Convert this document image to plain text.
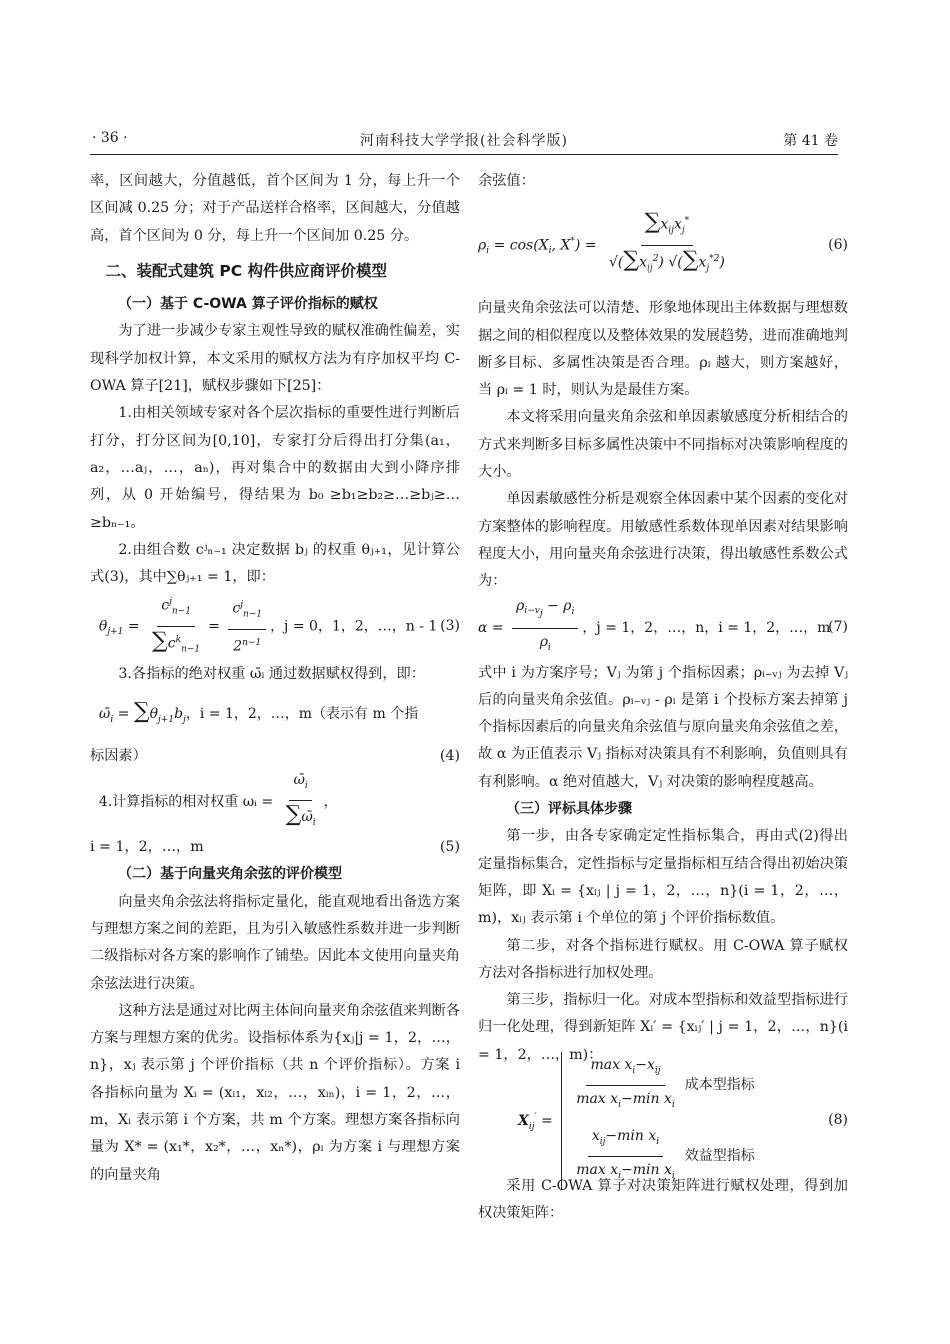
· 36 ·	河南科技大学学报(社会科学版)	第 41 卷

率，区间越大，分值越低，首个区间为 1 分，每上升一个区间减 0.25 分；对于产品送样合格率，区间越大，分值越高，首个区间为 0 分，每上升一个区间加 0.25 分。

二、装配式建筑 PC 构件供应商评价模型
（一）基于 C-OWA 算子评价指标的赋权

为了进一步减少专家主观性导致的赋权准确性偏差，实现科学加权计算，本文采用的赋权方法为有序加权平均 C-OWA 算子[21]，赋权步骤如下[25]：

1.由相关领域专家对各个层次指标的重要性进行判断后打分，打分区间为[0,10]，专家打分后得出打分集(a₁，a₂，…aⱼ，…，aₙ)，再对集合中的数据由大到小降序排列，从 0 开始编号，得结果为 b₀ ≥b₁≥b₂≥…≥bⱼ≥…≥bₙ₋₁。

2.由组合数 cʲₙ₋₁ 决定数据 bⱼ 的权重 θⱼ₊₁，见计算公式(3)，其中∑θⱼ₊₁ = 1，即：

$\theta_{j+1} = \frac{c^j_{n-1}}{\sum c^k_{n-1}} = \frac{c^j_{n-1}}{2^{n-1}}$ ，j = 0，1，2，…，n - 1 (3)

3.各指标的绝对权重 ω̄ᵢ 通过数据赋权得到，即：

$\omegā_i = \sum\theta_{j+1}b_j$，i = 1，2，…，m（表示有 m 个指
标因素）	(4)
4.计算指标的相对权重 ωᵢ = $\frac{\omegā_i}{\sum\omegā_i}$ ，
i = 1，2，…，m	(5)
（二）基于向量夹角余弦的评价模型

向量夹角余弦法将指标定量化，能直观地看出备选方案与理想方案之间的差距，且为引入敏感性系数并进一步判断二级指标对各方案的影响作了铺垫。因此本文使用向量夹角余弦法进行决策。

这种方法是通过对比两主体间向量夹角余弦值来判断各方案与理想方案的优劣。设指标体系为{xⱼ|j = 1，2，…，n}，xⱼ 表示第 j 个评价指标（共 n 个评价指标）。方案 i 各指标向量为 Xᵢ = (xᵢ₁，xᵢ₂，…，xᵢₙ)，i = 1，2，…，m，Xᵢ 表示第 i 个方案，共 m 个方案。理想方案各指标向量为 X* = (x₁*，x₂*，…，xₙ*)，ρᵢ 为方案 i 与理想方案的向量夹角

余弦值：

$\rho_i = \cos(X_i$, $X^*) = \frac{\sum x_{ij}x_j^*}{√(\sum x_{ij}^2) √(\sum x_j^{*2})}$	(6)

向量夹角余弦法可以清楚、形象地体现出主体数据与理想数据之间的相似程度以及整体效果的发展趋势，进而准确地判断多目标、多属性决策是否合理。ρᵢ 越大，则方案越好，当 ρᵢ = 1 时，则认为是最佳方案。

本文将采用向量夹角余弦和单因素敏感度分析相结合的方式来判断多目标多属性决策中不同指标对决策影响程度的大小。

单因素敏感性分析是观察全体因素中某个因素的变化对方案整体的影响程度。用敏感性系数体现单因素对结果影响程度大小，用向量夹角余弦进行决策，得出敏感性系数公式为：

$\alpha = \frac{\rho_{i-v_j} - \rho_i}{\rho_i}$ ，j = 1，2，…，n，i = 1，2，…，m
(7)

式中 i 为方案序号；Vⱼ 为第 j 个指标因素；ρᵢ₋ᵥⱼ 为去掉 Vⱼ 后的向量夹角余弦值。ρᵢ₋ᵥⱼ - ρᵢ 是第 i 个投标方案去掉第 j 个指标因素后的向量夹角余弦值与原向量夹角余弦值之差，故 α 为正值表示 Vⱼ 指标对决策具有不利影响，负值则具有有利影响。α 绝对值越大，Vⱼ 对决策的影响程度越高。

（三）评标具体步骤

第一步，由各专家确定定性指标集合，再由式(2)得出定量指标集合，定性指标与定量指标相互结合得出初始决策矩阵，即 Xᵢ = {xᵢⱼ | j = 1，2，…，n}(i = 1，2，…，m)，xᵢⱼ 表示第 i 个单位的第 j 个评价指标数值。

第二步，对各个指标进行赋权。用 C-OWA 算子赋权方法对各指标进行加权处理。

第三步，指标归一化。对成本型指标和效益型指标进行归一化处理，得到新矩阵 Xᵢ′ = {xᵢⱼ′ | j = 1，2，…，n}(i = 1，2，…，m)：

$X_{ij}'$ =
$\frac{\max x_i-x_{ij}}{\max x_i-\min x_i}$ 成本型指标
$\frac{x_{ij}-\min x_i}{\max x_i-\min x_i}$ 效益型指标
(8)

采用 C-OWA 算子对决策矩阵进行赋权处理，得到加权决策矩阵：
